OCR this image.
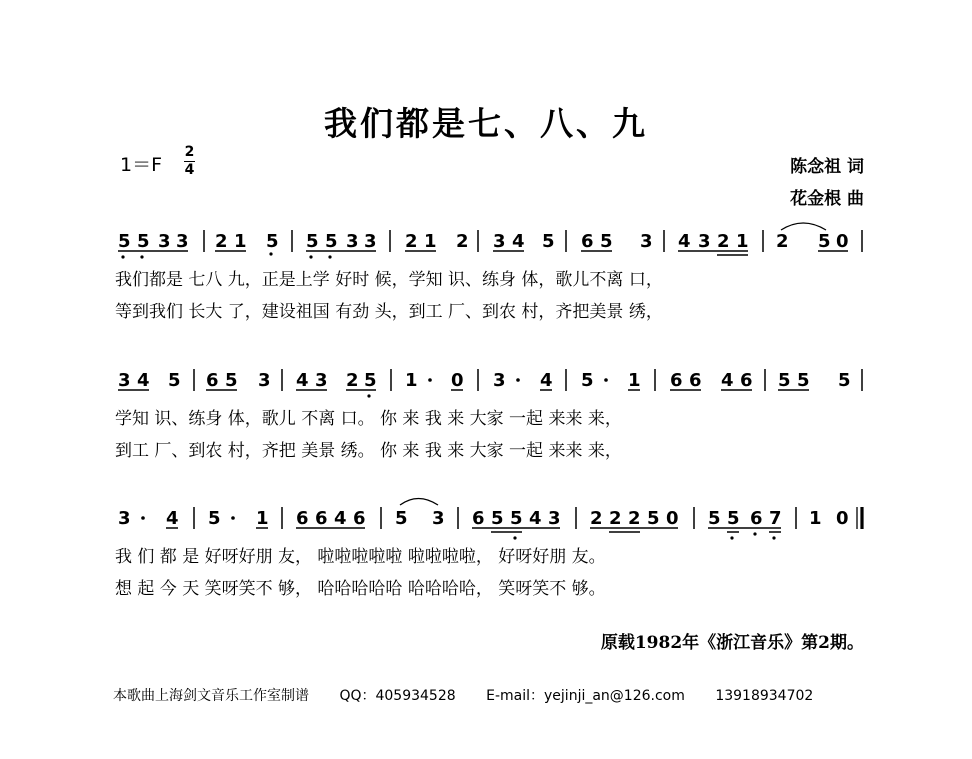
我们都是七、八、九
1＝F
2
4	陈念祖 词
花金根 曲
5 5 3 3 2 1 5 5 5 3 3 2 1 2 3 4 5 6 5 3 4 3 2 1 2 5 0
3 4 5 6 5 3 4 3 2 5 1 0 3 4 5 1 6 6 4 6 5 5 5
3 4 5 1 6 6 4 6 5 3 6 5 5 4 3 2 2 2 5 0 5 5 6 7 1 0
我们都是 七八 九，正是上学 好时 候，学知 识、练身 体，歌儿不离 口，
等到我们 长大 了，建设祖国 有劲 头，到工 厂、到农 村，齐把美景 绣，
学知 识、练身 体，歌儿 不离 口。 你 来 我 来 大家 一起 来来 来，
到工 厂、到农 村，齐把 美景 绣。 你 来 我 来 大家 一起 来来 来，
我 们 都 是 好呀好朋 友， 啦啦啦啦啦 啦啦啦啦， 好呀好朋 友。
想 起 今 天 笑呀笑不 够， 哈哈哈哈哈 哈哈哈哈， 笑呀笑不 够。
原载1982年《浙江音乐》第2期。
本歌曲上海剑文音乐工作室制谱 QQ：405934528 E-mail：yejinji_an@126.com 13918934702
